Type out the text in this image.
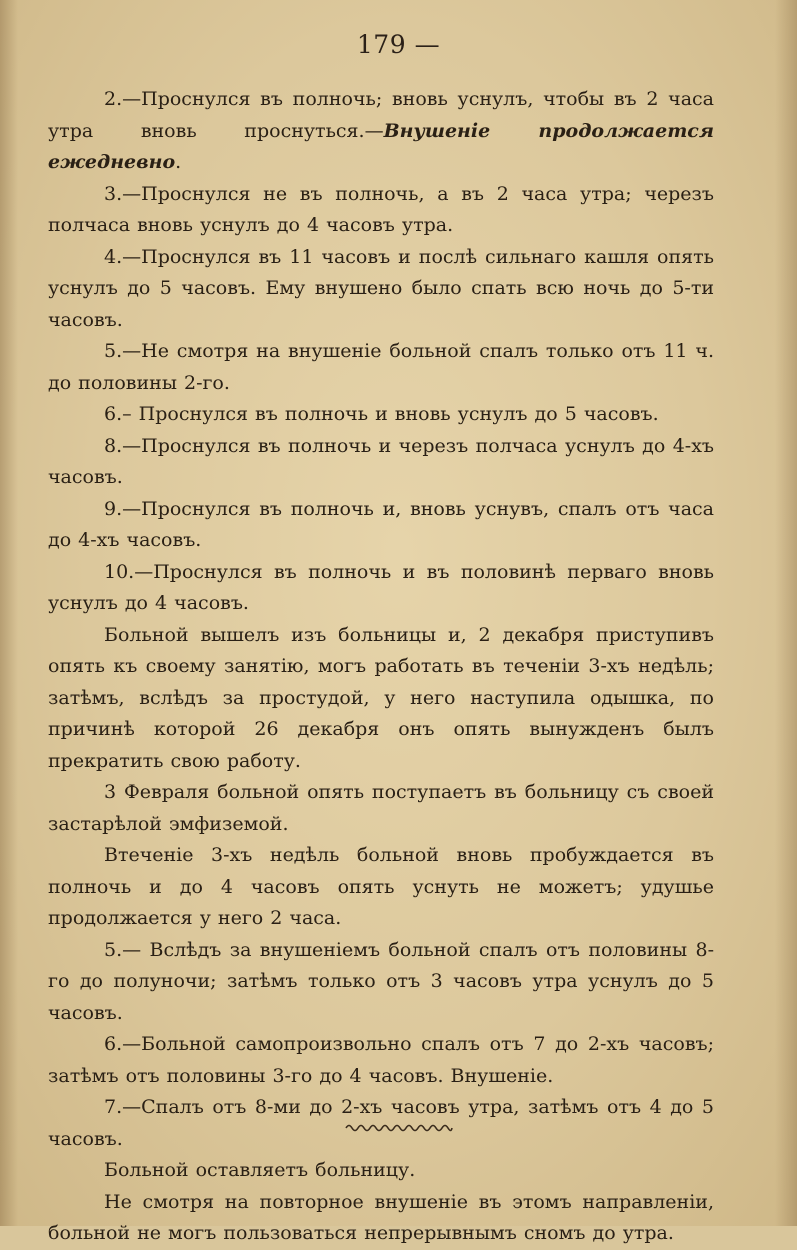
179 —

2.—Проснулся въ полночь; вновь уснулъ, чтобы въ 2 часа утра вновь проснуться.—Внушеніе продолжается ежедневно.

3.—Проснулся не въ полночь, а въ 2 часа утра; черезъ полчаса вновь уснулъ до 4 часовъ утра.

4.—Проснулся въ 11 часовъ и послѣ сильнаго кашля опять уснулъ до 5 часовъ. Ему внушено было спать всю ночь до 5-ти часовъ.

5.—Не смотря на внушеніе больной спалъ только отъ 11 ч. до половины 2-го.

6.– Проснулся въ полночь и вновь уснулъ до 5 часовъ.

8.—Проснулся въ полночь и черезъ полчаса уснулъ до 4-хъ часовъ.

9.—Проснулся въ полночь и, вновь уснувъ, спалъ отъ часа до 4-хъ часовъ.

10.—Проснулся въ полночь и въ половинѣ перваго вновь уснулъ до 4 часовъ.

Больной вышелъ изъ больницы и, 2 декабря приступивъ опять къ своему занятію, могъ работать въ теченіи 3-хъ недѣль; затѣмъ, вслѣдъ за простудой, у него наступила одышка, по причинѣ которой 26 декабря онъ опять вынужденъ былъ прекратить свою работу.

3 Февраля больной опять поступаетъ въ больницу съ своей застарѣлой эмфиземой.

Втеченіе 3-хъ недѣль больной вновь пробуждается въ полночь и до 4 часовъ опять уснуть не можетъ; удушье продолжается у него 2 часа.

5.— Вслѣдъ за внушеніемъ больной спалъ отъ половины 8-го до полуночи; затѣмъ только отъ 3 часовъ утра уснулъ до 5 часовъ.

6.—Больной самопроизвольно спалъ отъ 7 до 2-хъ часовъ; затѣмъ отъ половины 3-го до 4 часовъ. Внушеніе.

7.—Спалъ отъ 8-ми до 2-хъ часовъ утра, затѣмъ отъ 4 до 5 часовъ.

Больной оставляетъ больницу.

Не смотря на повторное внушеніе въ этомъ направленіи, больной не могъ пользоваться непрерывнымъ сномъ до утра.
